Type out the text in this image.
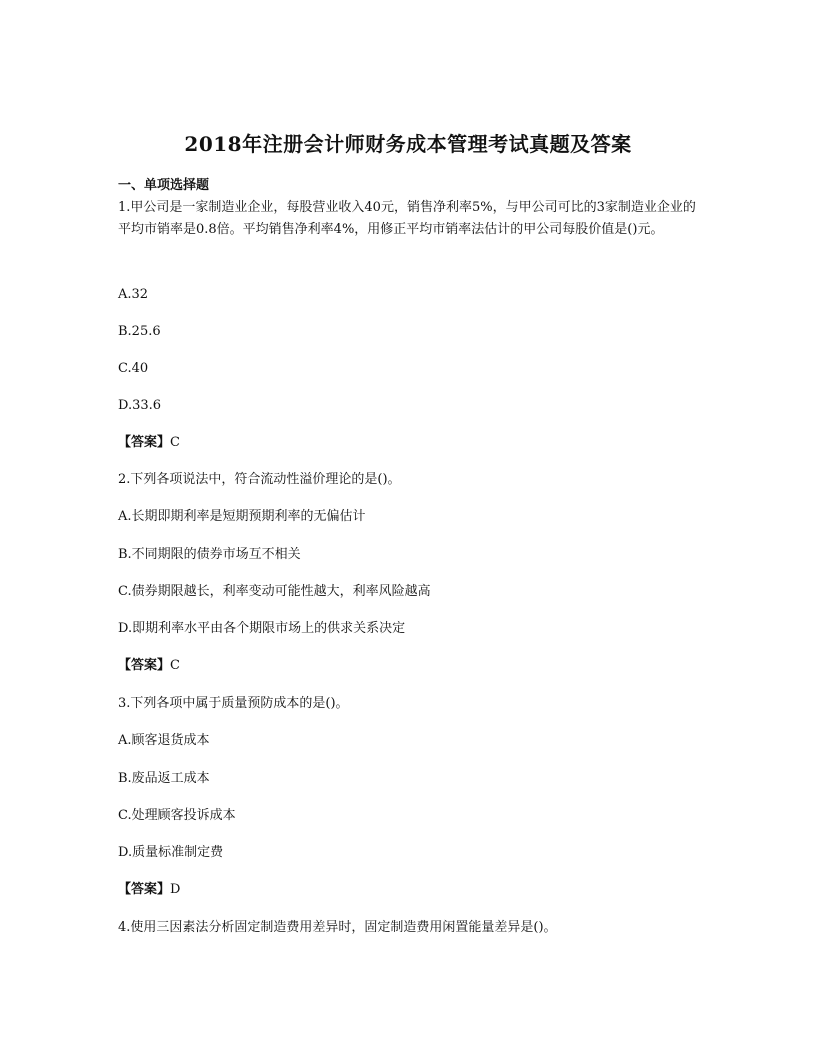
2018年注册会计师财务成本管理考试真题及答案
一、单项选择题
1.甲公司是一家制造业企业，每股营业收入40元，销售净利率5%，与甲公司可比的3家制造业企业的平均市销率是0.8倍。平均销售净利率4%，用修正平均市销率法估计的甲公司每股价值是()元。
A.32
B.25.6
C.40
D.33.6
【答案】C
2.下列各项说法中，符合流动性溢价理论的是()。
A.长期即期利率是短期预期利率的无偏估计
B.不同期限的债券市场互不相关
C.债券期限越长，利率变动可能性越大，利率风险越高
D.即期利率水平由各个期限市场上的供求关系决定
【答案】C
3.下列各项中属于质量预防成本的是()。
A.顾客退货成本
B.废品返工成本
C.处理顾客投诉成本
D.质量标准制定费
【答案】D
4.使用三因素法分析固定制造费用差异时，固定制造费用闲置能量差异是()。
